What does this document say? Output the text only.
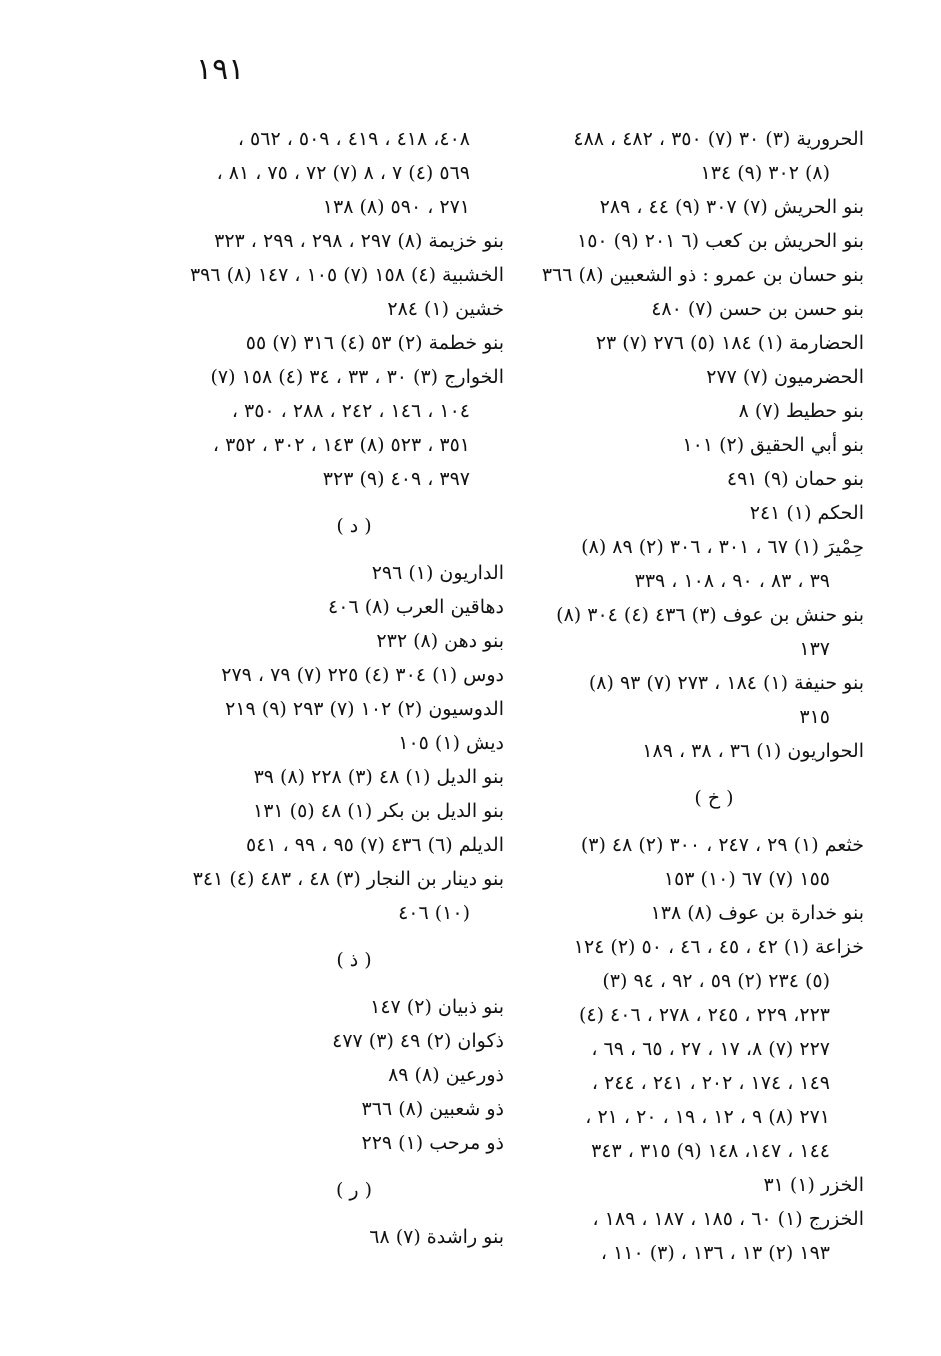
١٩١
الحرورية (٣) ٣٠ (٧) ٣٥٠ ، ٤٨٢ ، ٤٨٨
(٨) ٣٠٢ (٩) ١٣٤
بنو الحريش (٧) ٣٠٧ (٩) ٤٤ ، ٢٨٩
بنو الحريش بن كعب (٦ ٢٠١ (٩) ١٥٠
بنو حسان بن عمرو : ذو الشعبين (٨) ٣٦٦
بنو حسن بن حسن (٧) ٤٨٠
الحضارمة (١) ١٨٤ (٥) ٢٧٦ (٧) ٢٣
الحضرميون (٧) ٢٧٧
بنو حطيط (٧) ٨
بنو أبي الحقيق (٢) ١٠١
بنو حمان (٩) ٤٩١
الحكم (١) ٢٤١
حِمْيرَ (١) ٦٧ ، ٣٠١ ، ٣٠٦ (٢) ٨٩ (٨)
٣٩ ، ٨٣ ، ٩٠ ، ١٠٨ ، ٣٣٩
بنو حنش بن عوف (٣) ٤٣٦ (٤) ٣٠٤ (٨)
١٣٧
بنو حنيفة (١) ١٨٤ ، ٢٧٣ (٧) ٩٣ (٨)
٣١٥
الحواريون (١) ٣٦ ، ٣٨ ، ١٨٩
( خ )
خثعم (١) ٢٩ ، ٢٤٧ ، ٣٠٠ (٢) ٤٨ (٣)
١٥٥ (٧) ٦٧ (١٠) ١٥٣
بنو خدارة بن عوف (٨) ١٣٨
خزاعة (١) ٤٢ ، ٤٥ ، ٤٦ ، ٥٠ (٢) ١٢٤
(٥) ٢٣٤ (٢) ٥٩ ، ٩٢ ، ٩٤ (٣)
٢٢٣، ٢٢٩ ، ٢٤٥ ، ٢٧٨ ، ٤٠٦ (٤)
٢٢٧ (٧) ٨، ١٧ ، ٢٧ ، ٦٥ ، ٦٩ ،
١٤٩ ، ١٧٤ ، ٢٠٢ ، ٢٤١ ، ٢٤٤ ،
٢٧١ (٨) ٩ ، ١٢ ، ١٩ ، ٢٠ ، ٢١ ،
١٤٤ ، ١٤٧، ١٤٨ (٩) ٣١٥ ، ٣٤٣
الخزر (١) ٣١
الخزرج (١) ٦٠ ، ١٨٥ ، ١٨٧ ، ١٨٩ ،
١٩٣ (٢) ١٣ ، ١٣٦ ، (٣) ١١٠ ،
٤٠٨، ٤١٨ ، ٤١٩ ، ٥٠٩ ، ٥٦٢ ،
٥٦٩ (٤) ٧ ، ٨ (٧) ٧٢ ، ٧٥ ، ٨١ ،
٢٧١ ، ٥٩٠ (٨) ١٣٨
بنو خزيمة (٨) ٢٩٧ ، ٢٩٨ ، ٢٩٩ ، ٣٢٣
الخشبية (٤) ١٥٨ (٧) ١٠٥ ، ١٤٧ (٨) ٣٩٦
خشين (١) ٢٨٤
بنو خطمة (٢) ٥٣ (٤) ٣١٦ (٧) ٥٥
الخوارج (٣) ٣٠ ، ٣٣ ، ٣٤ (٤) ١٥٨ (٧)
١٠٤ ، ١٤٦ ، ٢٤٢ ، ٢٨٨ ، ٣٥٠ ،
٣٥١ ، ٥٢٣ (٨) ١٤٣ ، ٣٠٢ ، ٣٥٢ ،
٣٩٧ ، ٤٠٩ (٩) ٣٢٣
( د )
الداريون (١) ٢٩٦
دهاقين العرب (٨) ٤٠٦
بنو دهن (٨) ٢٣٢
دوس (١) ٣٠٤ (٤) ٢٢٥ (٧) ٧٩ ، ٢٧٩
الدوسيون (٢) ١٠٢ (٧) ٢٩٣ (٩) ٢١٩
ديش (١) ١٠٥
بنو الديل (١) ٤٨ (٣) ٢٢٨ (٨) ٣٩
بنو الديل بن بكر (١) ٤٨ (٥) ١٣١
الديلم (٦) ٤٣٦ (٧) ٩٥ ، ٩٩ ، ٥٤١
بنو دينار بن النجار (٣) ٤٨ ، ٤٨٣ (٤) ٣٤١
(١٠) ٤٠٦
( ذ )
بنو ذبيان (٢) ١٤٧
ذكوان (٢) ٤٩ (٣) ٤٧٧
ذورعين (٨) ٨٩
ذو شعبين (٨) ٣٦٦
ذو مرحب (١) ٢٢٩
( ر )
بنو راشدة (٧) ٦٨
